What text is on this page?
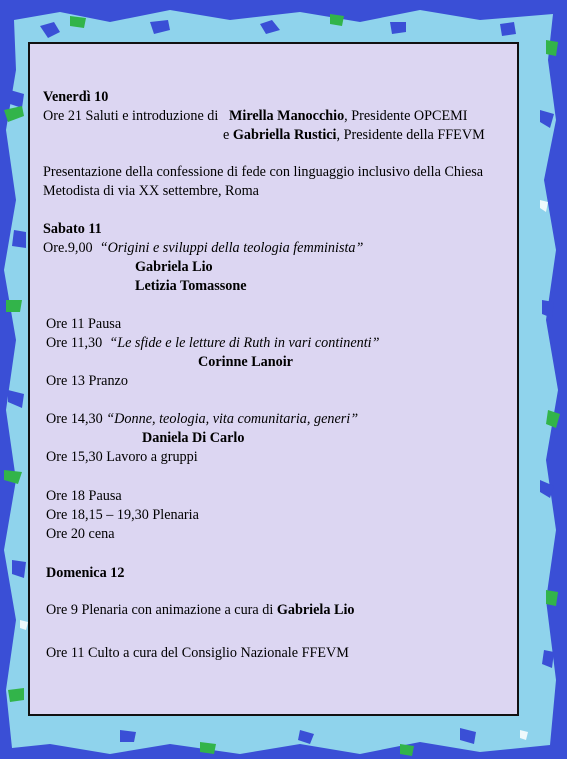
Venerdì 10
Ore 21 Saluti e introduzione di Mirella Manocchio, Presidente OPCEMI
e Gabriella Rustici, Presidente della FFEVM
Presentazione della confessione di fede con linguaggio inclusivo della Chiesa
Metodista di via XX settembre, Roma
Sabato 11
Ore.9,00 “Origini e sviluppi della teologia femminista”
Gabriela Lio
Letizia Tomassone
Ore 11 Pausa
Ore 11,30 “Le sfide e le letture di Ruth in vari continenti”
Corinne Lanoir
Ore 13 Pranzo
Ore 14,30 “Donne, teologia, vita comunitaria, generi”
Daniela Di Carlo
Ore 15,30 Lavoro a gruppi
Ore 18 Pausa
Ore 18,15 – 19,30 Plenaria
Ore 20 cena
Domenica 12
Ore 9 Plenaria con animazione a cura di Gabriela Lio
Ore 11 Culto a cura del Consiglio Nazionale FFEVM
